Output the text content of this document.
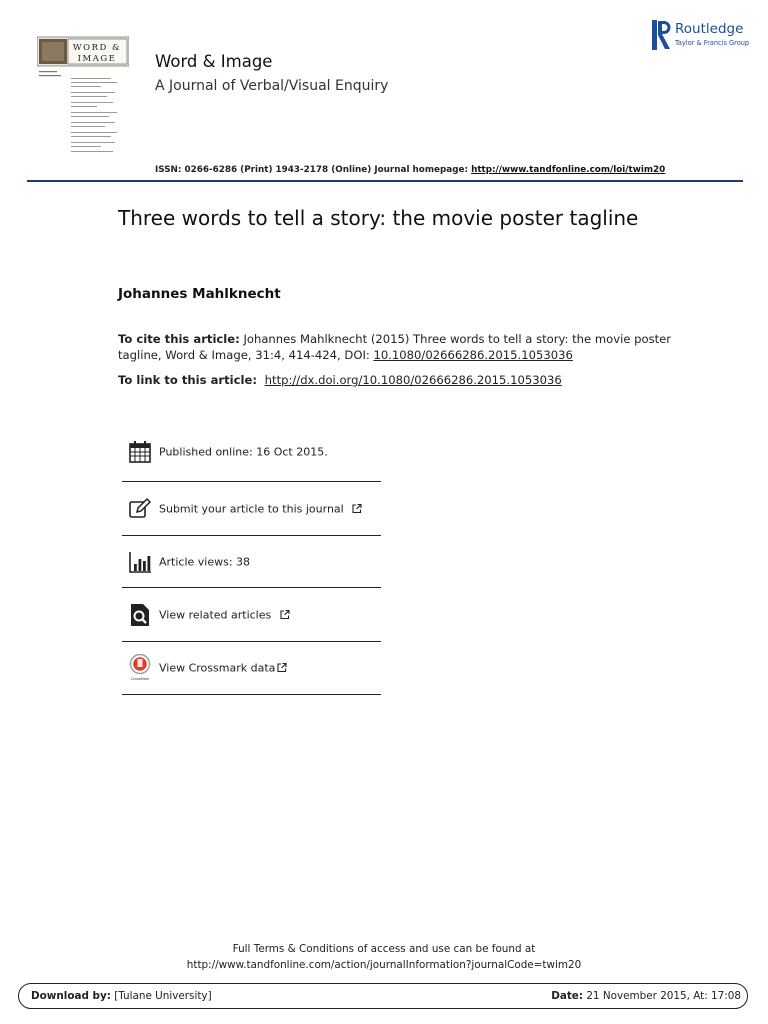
WORD &
IMAGE Word & Image
A Journal of Verbal/Visual Enquiry
Routledge
Taylor & Francis Group
ISSN: 0266-6286 (Print) 1943-2178 (Online) Journal homepage: http://www.tandfonline.com/loi/twim20
Three words to tell a story: the movie poster tagline
Johannes Mahlknecht
To cite this article: Johannes Mahlknecht (2015) Three words to tell a story: the movie poster tagline, Word & Image, 31:4, 414-424, DOI: 10.1080/02666286.2015.1053036
To link to this article: http://dx.doi.org/10.1080/02666286.2015.1053036
Published online: 16 Oct 2015.
Submit your article to this journal
Article views: 38
View related articles
CrossMark
View Crossmark data
Full Terms & Conditions of access and use can be found at
http://www.tandfonline.com/action/journalInformation?journalCode=twim20
Download by: [Tulane University]	Date: 21 November 2015, At: 17:08
